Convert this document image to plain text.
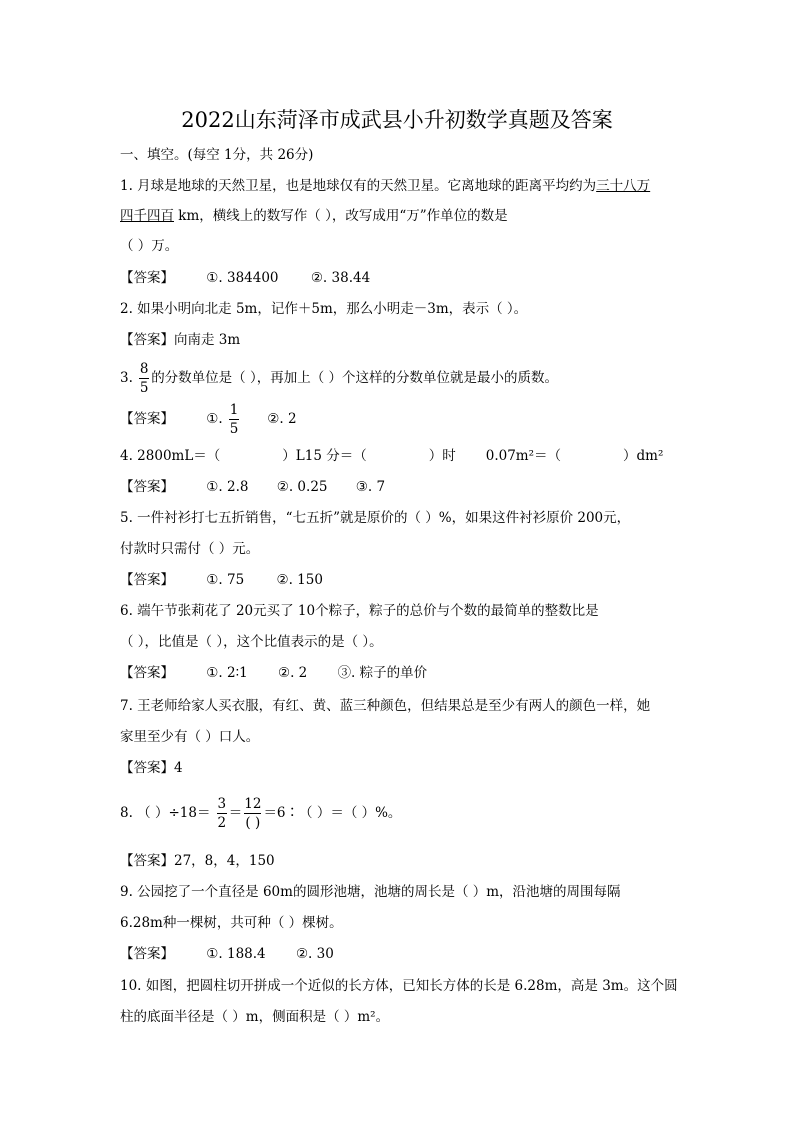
2022山东菏泽市成武县小升初数学真题及答案
一、填空。(每空 1分，共 26分)
1. 月球是地球的天然卫星，也是地球仅有的天然卫星。它离地球的距离平均约为三十八万
四千四百 km，横线上的数写作（ ），改写成用“万”作单位的数是
（ ）万。
【答案】 ①. 384400 ②. 38.44
2. 如果小明向北走 5m，记作＋5m，那么小明走－3m，表示（ ）。
【答案】向南走 3m
3. $\frac{8}{5}$ 的分数单位是（ ），再加上（ ）个这样的分数单位就是最小的质数。
【答案】 ①. $\frac{1}{5}$ ②. 2
4. 2800mL＝（	）L15 分＝（	）时 0.07m²＝（	）dm²
【答案】 ①. 2.8 ②. 0.25 ③. 7
5. 一件衬衫打七五折销售，“七五折”就是原价的（ ）%，如果这件衬衫原价 200元，
付款时只需付（ ）元。
【答案】 ①. 75 ②. 150
6. 端午节张莉花了 20元买了 10个粽子，粽子的总价与个数的最简单的整数比是
（ ），比值是（ ），这个比值表示的是（ ）。
【答案】 ①. 2∶1 ②. 2 ③. 粽子的单价
7. 王老师给家人买衣服，有红、黄、蓝三种颜色，但结果总是至少有两人的颜色一样，她
家里至少有（ ）口人。
【答案】4
8. （ ）$\div 18= \frac{3}{2} = \frac{12}{( )}$ ＝6∶（ ）＝（ ）%。
【答案】27，8，4，150
9. 公园挖了一个直径是 60m的圆形池塘，池塘的周长是（ ）m，沿池塘的周围每隔
6.28m种一棵树，共可种（ ）棵树。
【答案】 ①. 188.4 ②. 30
10. 如图，把圆柱切开拼成一个近似的长方体，已知长方体的长是 6.28m，高是 3m。这个圆
柱的底面半径是（ ）m，侧面积是（ ）m²。
